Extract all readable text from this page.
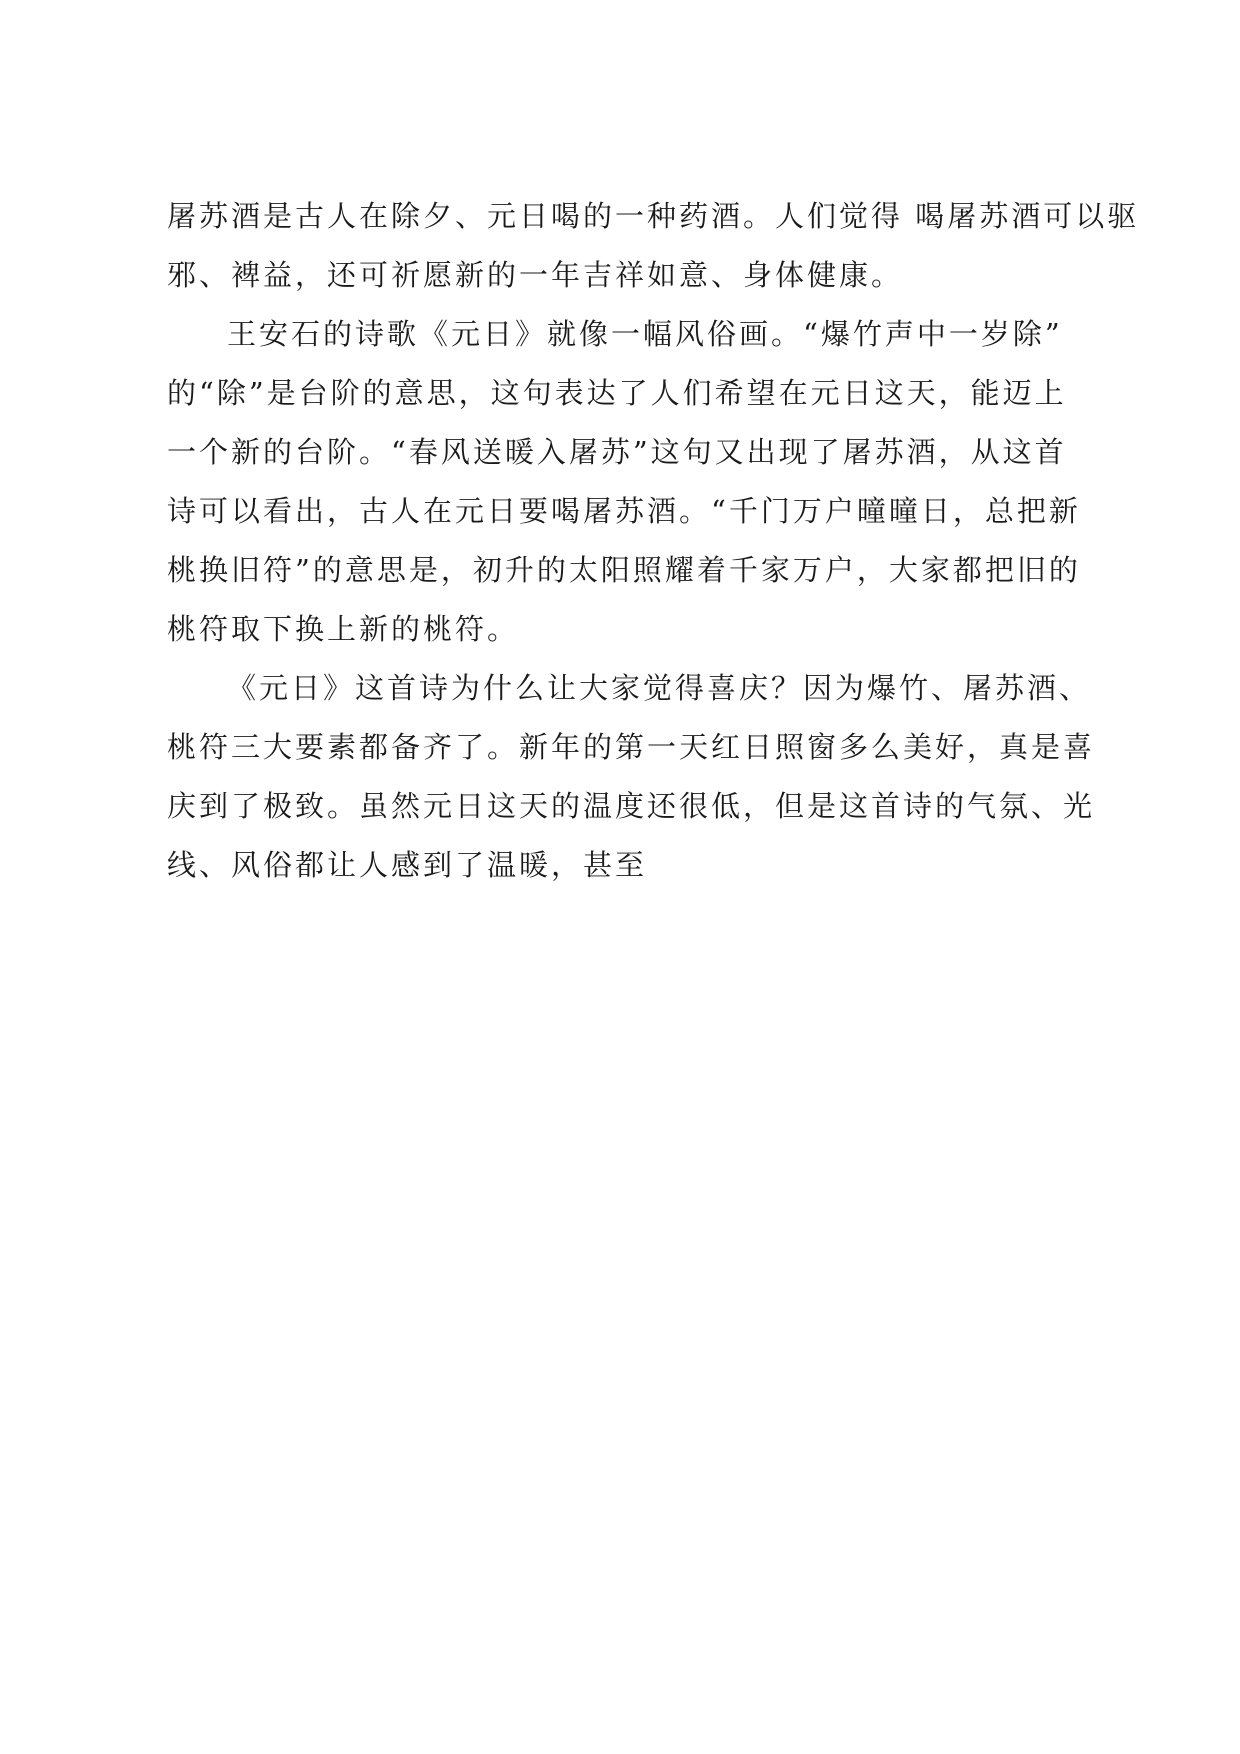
屠苏酒是古人在除夕、元日喝的一种药酒。人们觉得 喝屠苏酒可以驱
邪、裨益，还可祈愿新的一年吉祥如意、身体健康。
王安石的诗歌《元日》就像一幅风俗画。“爆竹声中一岁除”
的“除”是台阶的意思，这句表达了人们希望在元日这天，能迈上
一个新的台阶。“春风送暖入屠苏”这句又出现了屠苏酒，从这首
诗可以看出，古人在元日要喝屠苏酒。“千门万户曈曈日，总把新
桃换旧符”的意思是，初升的太阳照耀着千家万户，大家都把旧的
桃符取下换上新的桃符。
《元日》这首诗为什么让大家觉得喜庆？因为爆竹、屠苏酒、
桃符三大要素都备齐了。新年的第一天红日照窗多么美好，真是喜
庆到了极致。虽然元日这天的温度还很低，但是这首诗的气氛、光
线、风俗都让人感到了温暖，甚至
